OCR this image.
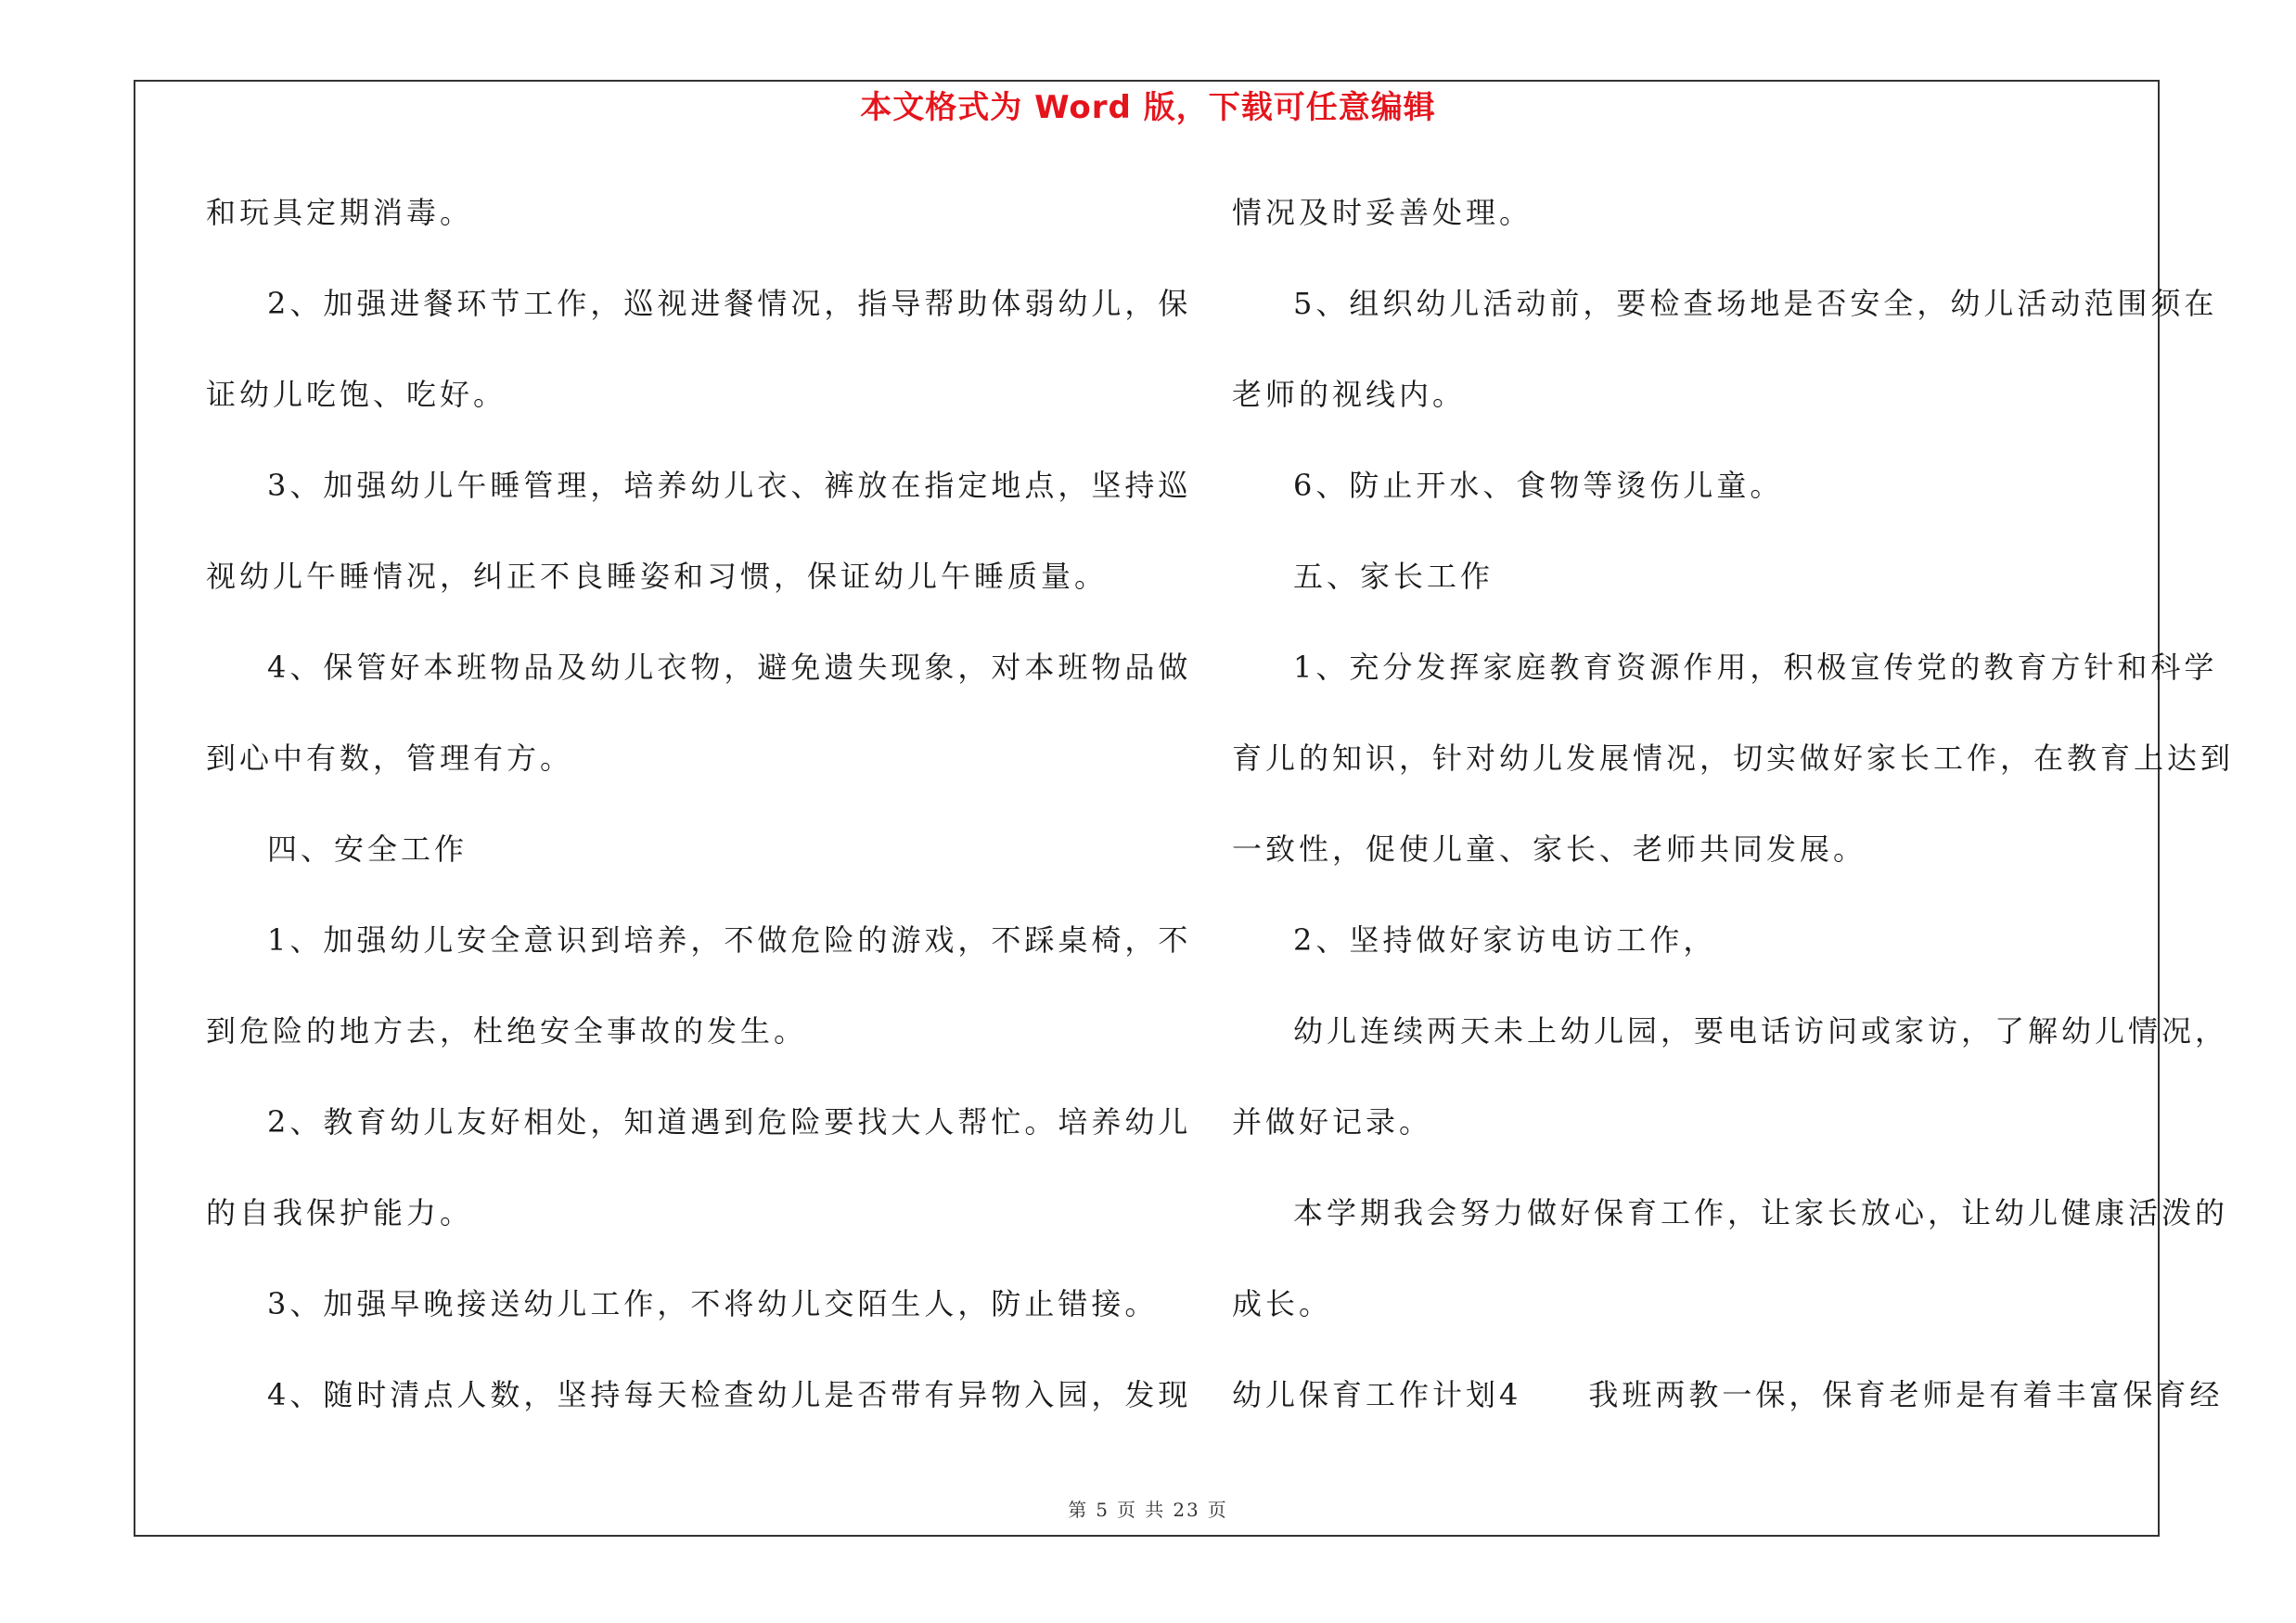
本文格式为 Word 版，下载可任意编辑
和玩具定期消毒。
2、加强进餐环节工作，巡视进餐情况，指导帮助体弱幼儿，保
证幼儿吃饱、吃好。
3、加强幼儿午睡管理，培养幼儿衣、裤放在指定地点，坚持巡
视幼儿午睡情况，纠正不良睡姿和习惯，保证幼儿午睡质量。
4、保管好本班物品及幼儿衣物，避免遗失现象，对本班物品做
到心中有数，管理有方。
四、安全工作
1、加强幼儿安全意识到培养，不做危险的游戏，不踩桌椅，不
到危险的地方去，杜绝安全事故的发生。
2、教育幼儿友好相处，知道遇到危险要找大人帮忙。培养幼儿
的自我保护能力。
3、加强早晚接送幼儿工作，不将幼儿交陌生人，防止错接。
4、随时清点人数，坚持每天检查幼儿是否带有异物入园，发现
情况及时妥善处理。
5、组织幼儿活动前，要检查场地是否安全，幼儿活动范围须在
老师的视线内。
6、防止开水、食物等烫伤儿童。
五、家长工作
1、充分发挥家庭教育资源作用，积极宣传党的教育方针和科学
育儿的知识，针对幼儿发展情况，切实做好家长工作，在教育上达到
一致性，促使儿童、家长、老师共同发展。
2、坚持做好家访电访工作，
幼儿连续两天未上幼儿园，要电话访问或家访，了解幼儿情况，
并做好记录。
本学期我会努力做好保育工作，让家长放心，让幼儿健康活泼的
成长。
幼儿保育工作计划4　　我班两教一保，保育老师是有着丰富保育经
第 5 页 共 23 页
